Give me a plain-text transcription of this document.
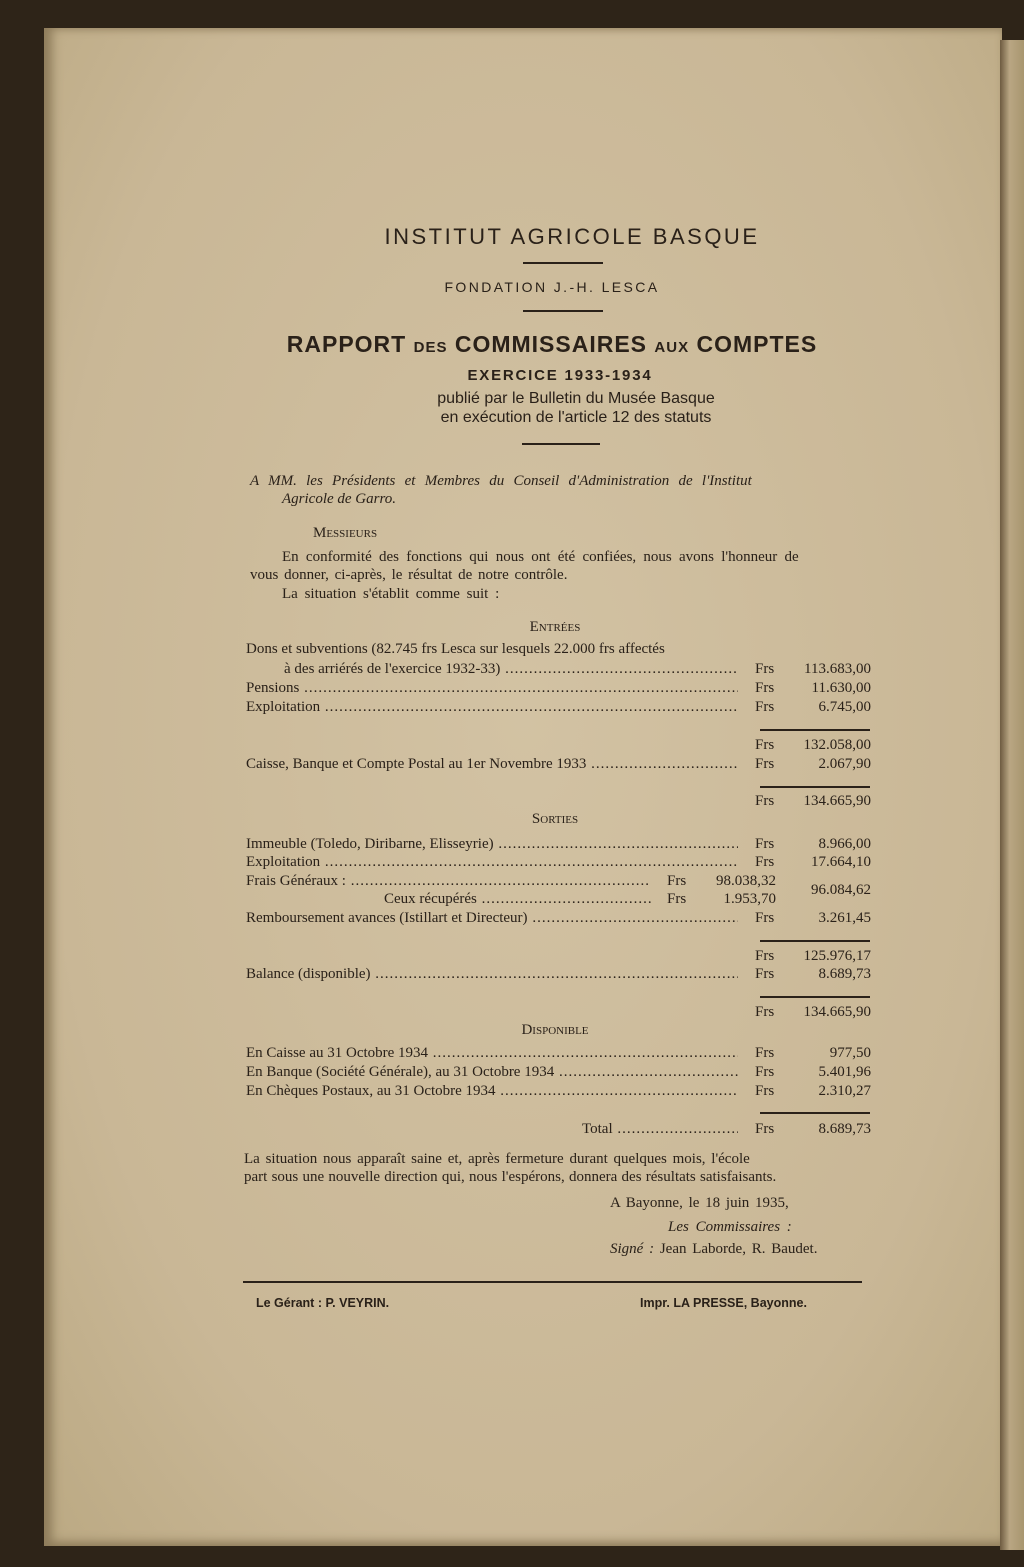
INSTITUT AGRICOLE BASQUE
FONDATION J.-H. LESCA
RAPPORT DES COMMISSAIRES AUX COMPTES
EXERCICE 1933-1934
publié par le Bulletin du Musée Basque
en exécution de l'article 12 des statuts
A MM. les Présidents et Membres du Conseil d'Administration de l'Institut
Agricole de Garro.
Messieurs
En conformité des fonctions qui nous ont été confiées, nous avons l'honneur de
vous donner, ci-après, le résultat de notre contrôle.
La situation s'établit comme suit :
Entrées
Dons et subventions (82.745 frs Lesca sur lesquels 22.000 frs affectés
à des arriérés de l'exercice 1932-33) .....	Frs 113.683,00
Pensions .....	Frs 11.630,00
Exploitation .....	Frs	6.745,00
Frs 132.058,00
Caisse, Banque et Compte Postal au 1er Novembre 1933 .....	Frs	2.067,90
Frs 134.665,90
Sorties
Immeuble (Toledo, Diribarne, Elisseyrie) .....	Frs	8.966,00
Exploitation .....	Frs 17.664,10
Frais Généraux : .....	Frs 98.038,32
Ceux récupérés .....	Frs 1.953,70
96.084,62
Remboursement avances (Istillart et Directeur) .....	Frs	3.261,45
Frs 125.976,17
Balance (disponible) .....	Frs	8.689,73
Frs 134.665,90
Disponible
En Caisse au 31 Octobre 1934 .....	Frs	977,50
En Banque (Société Générale), au 31 Octobre 1934 .....	Frs	5.401,96
En Chèques Postaux, au 31 Octobre 1934 .....	Frs	2.310,27
Total .....	Frs	8.689,73
La situation nous apparaît saine et, après fermeture durant quelques mois, l'école
part sous une nouvelle direction qui, nous l'espérons, donnera des résultats satisfaisants.
A Bayonne, le 18 juin 1935,
Les Commissaires :
Signé : Jean Laborde, R. Baudet.
Le Gérant : P. VEYRIN.	Impr. LA PRESSE, Bayonne.
